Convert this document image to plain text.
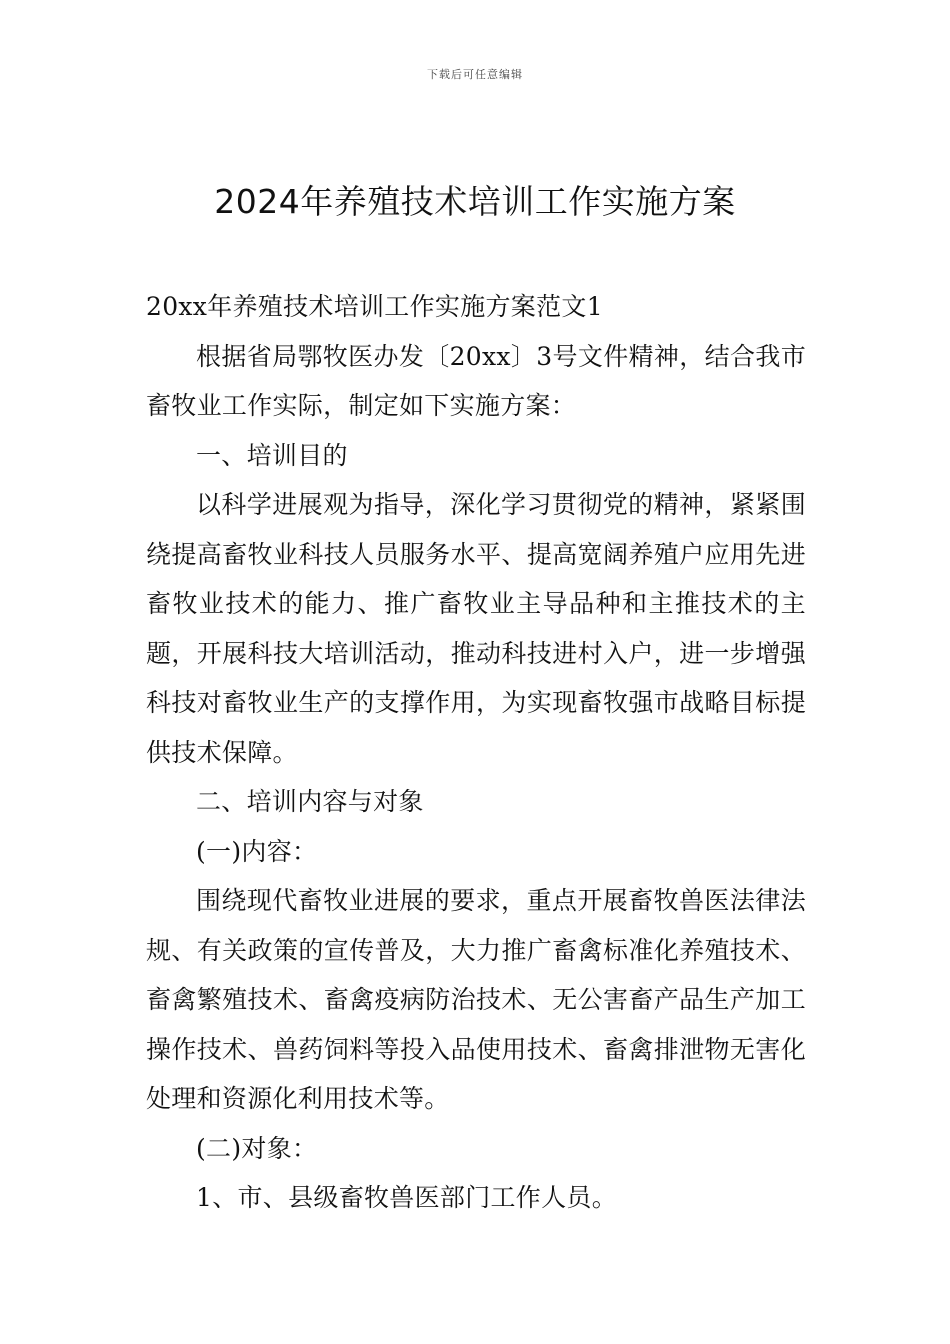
下载后可任意编辑
2024年养殖技术培训工作实施方案

20xx年养殖技术培训工作实施方案范文1

根据省局鄂牧医办发〔20xx〕3号文件精神，结合我市畜牧业工作实际，制定如下实施方案：

一、培训目的

以科学进展观为指导，深化学习贯彻党的精神，紧紧围绕提高畜牧业科技人员服务水平、提高宽阔养殖户应用先进畜牧业技术的能力、推广畜牧业主导品种和主推技术的主题，开展科技大培训活动，推动科技进村入户，进一步增强科技对畜牧业生产的支撑作用，为实现畜牧强市战略目标提供技术保障。

二、培训内容与对象

(一)内容：

围绕现代畜牧业进展的要求，重点开展畜牧兽医法律法规、有关政策的宣传普及，大力推广畜禽标准化养殖技术、畜禽繁殖技术、畜禽疫病防治技术、无公害畜产品生产加工操作技术、兽药饲料等投入品使用技术、畜禽排泄物无害化处理和资源化利用技术等。

(二)对象：

1、市、县级畜牧兽医部门工作人员。
